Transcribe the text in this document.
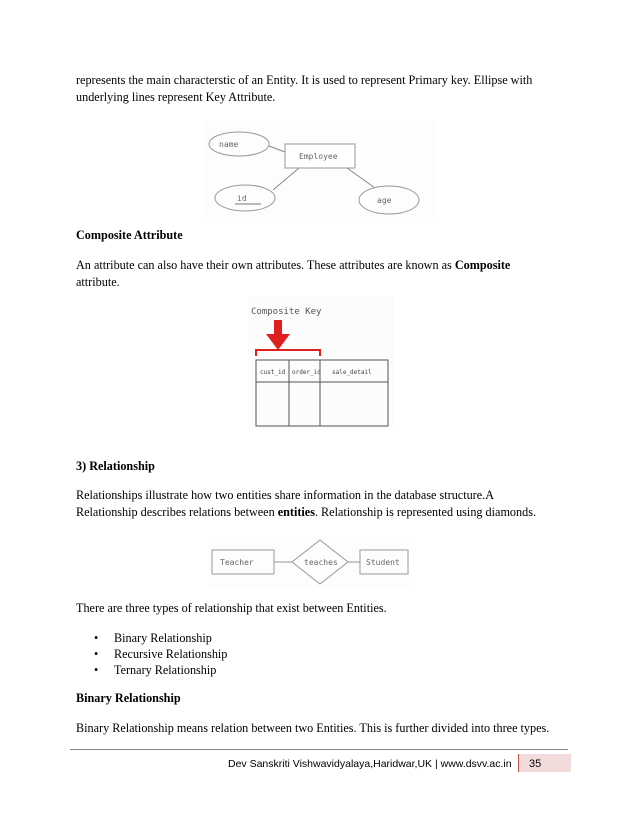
represents the main characterstic of an Entity. It is used to represent Primary key. Ellipse with
underlying lines represent Key Attribute.
name
Employee
id	age
Composite Attribute
An attribute can also have their own attributes. These attributes are known as Composite
attribute.
Composite Key
cust_id order_id sale_detail
3) Relationship
Relationships illustrate how two entities share information in the database structure.A
Relationship describes relations between entities. Relationship is represented using diamonds.
Teacher	teaches	Student
There are three types of relationship that exist between Entities.
• Binary Relationship
• Recursive Relationship
• Ternary Relationship
Binary Relationship
Binary Relationship means relation between two Entities. This is further divided into three types.
Dev Sanskriti Vishwavidyalaya,Haridwar,UK | www.dsvv.ac.in 35
